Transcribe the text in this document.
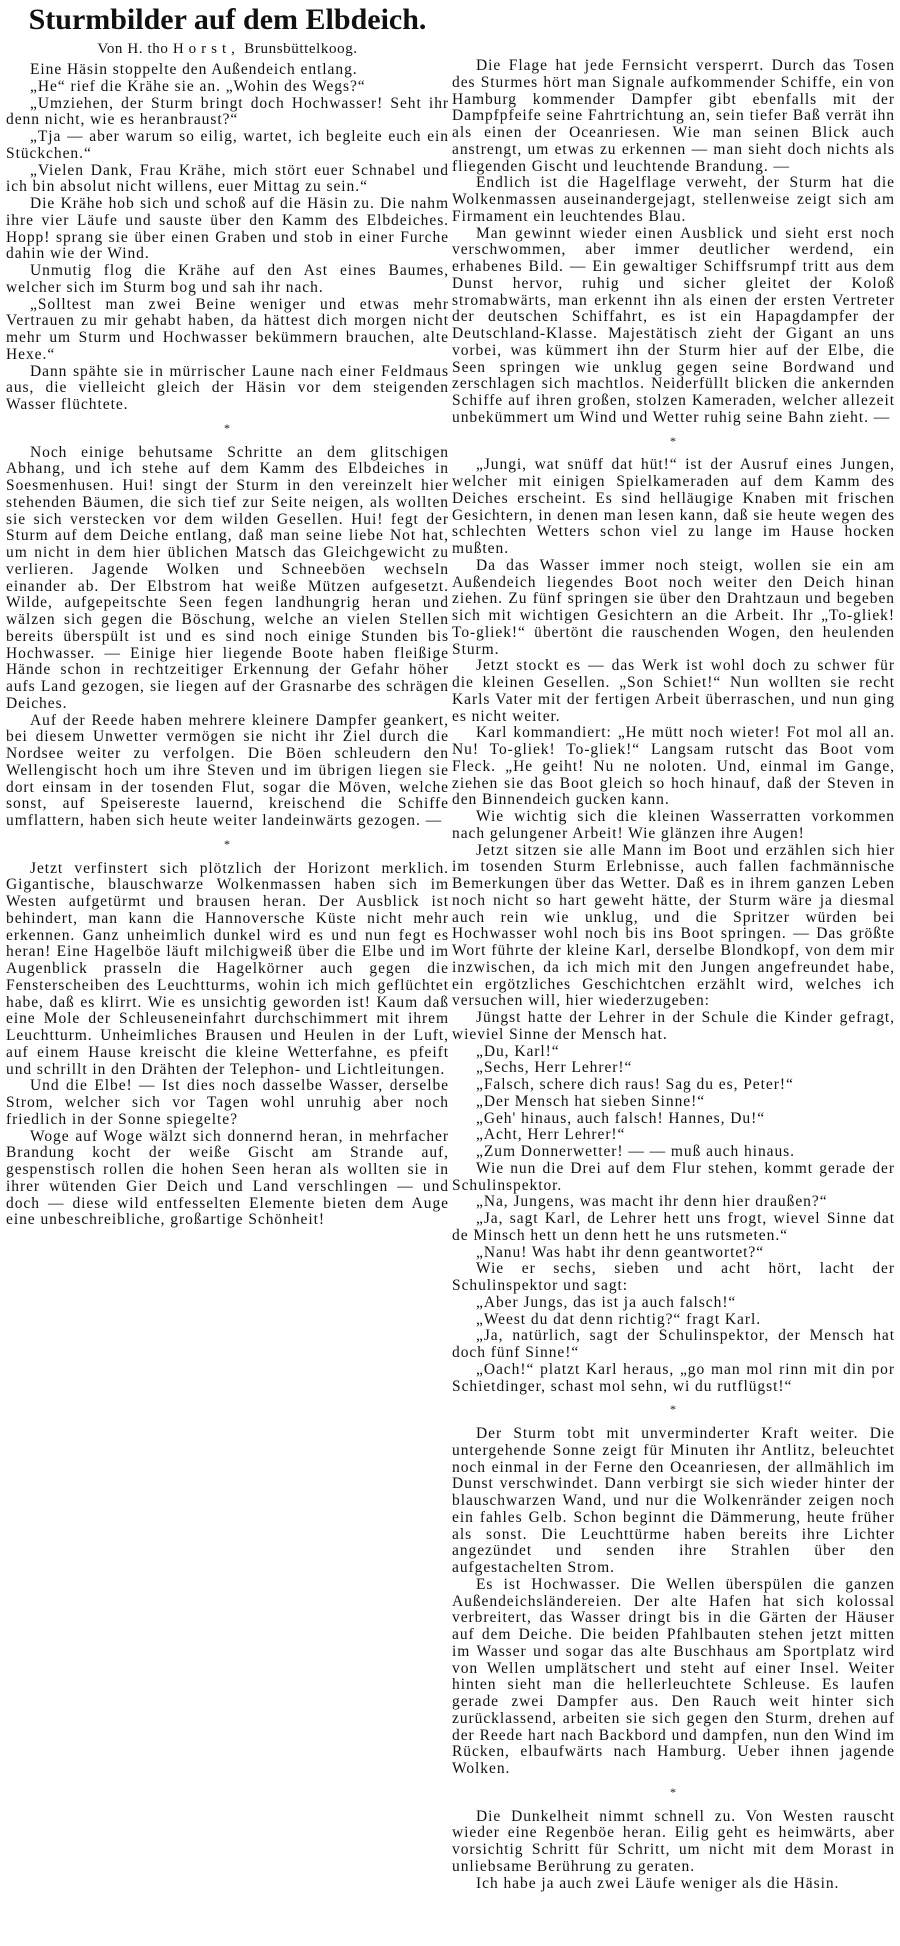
Sturmbilder auf dem Elbdeich.
Von H. tho Horst, Brunsbüttelkoog.

Eine Häsin stoppelte den Außendeich entlang.

„He“ rief die Krähe sie an. „Wohin des Wegs?“

„Umziehen, der Sturm bringt doch Hochwasser! Seht ihr denn nicht, wie es heranbraust?“

„Tja — aber warum so eilig, wartet, ich begleite euch ein Stückchen.“

„Vielen Dank, Frau Krähe, mich stört euer Schnabel und ich bin absolut nicht willens, euer Mittag zu sein.“

Die Krähe hob sich und schoß auf die Häsin zu. Die nahm ihre vier Läufe und sauste über den Kamm des Elbdeiches. Hopp! sprang sie über einen Graben und stob in einer Furche dahin wie der Wind.

Unmutig flog die Krähe auf den Ast eines Baumes, welcher sich im Sturm bog und sah ihr nach.

„Solltest man zwei Beine weniger und etwas mehr Vertrauen zu mir gehabt haben, da hättest dich morgen nicht mehr um Sturm und Hochwasser bekümmern brauchen, alte Hexe.“

Dann spähte sie in mürrischer Laune nach einer Feldmaus aus, die vielleicht gleich der Häsin vor dem steigenden Wasser flüchtete.

*

Noch einige behutsame Schritte an dem glitschigen Abhang, und ich stehe auf dem Kamm des Elbdeiches in Soesmenhusen. Hui! singt der Sturm in den vereinzelt hier stehenden Bäumen, die sich tief zur Seite neigen, als wollten sie sich verstecken vor dem wilden Gesellen. Hui! fegt der Sturm auf dem Deiche entlang, daß man seine liebe Not hat, um nicht in dem hier üblichen Matsch das Gleichgewicht zu verlieren. Jagende Wolken und Schneeböen wechseln einander ab. Der Elbstrom hat weiße Mützen aufgesetzt. Wilde, aufgepeitschte Seen fegen landhungrig heran und wälzen sich gegen die Böschung, welche an vielen Stellen bereits überspült ist und es sind noch einige Stunden bis Hochwasser. — Einige hier liegende Boote haben fleißige Hände schon in rechtzeitiger Erkennung der Gefahr höher aufs Land gezogen, sie liegen auf der Grasnarbe des schrägen Deiches.

Auf der Reede haben mehrere kleinere Dampfer geankert, bei diesem Unwetter vermögen sie nicht ihr Ziel durch die Nordsee weiter zu verfolgen. Die Böen schleudern den Wellengischt hoch um ihre Steven und im übrigen liegen sie dort einsam in der tosenden Flut, sogar die Möven, welche sonst, auf Speisereste lauernd, kreischend die Schiffe umflattern, haben sich heute weiter landeinwärts gezogen. —

*

Jetzt verfinstert sich plötzlich der Horizont merklich. Gigantische, blauschwarze Wolkenmassen haben sich im Westen aufgetürmt und brausen heran. Der Ausblick ist behindert, man kann die Hannoversche Küste nicht mehr erkennen. Ganz unheimlich dunkel wird es und nun fegt es heran! Eine Hagelböe läuft milchigweiß über die Elbe und im Augenblick prasseln die Hagelkörner auch gegen die Fensterscheiben des Leuchtturms, wohin ich mich geflüchtet habe, daß es klirrt. Wie es unsichtig geworden ist! Kaum daß eine Mole der Schleuseneinfahrt durchschimmert mit ihrem Leuchtturm. Unheimliches Brausen und Heulen in der Luft, auf einem Hause kreischt die kleine Wetterfahne, es pfeift und schrillt in den Drähten der Telephon- und Lichtleitungen.

Und die Elbe! — Ist dies noch dasselbe Wasser, derselbe Strom, welcher sich vor Tagen wohl unruhig aber noch friedlich in der Sonne spiegelte?

Woge auf Woge wälzt sich donnernd heran, in mehrfacher Brandung kocht der weiße Gischt am Strande auf, gespenstisch rollen die hohen Seen heran als wollten sie in ihrer wütenden Gier Deich und Land verschlingen — und doch — diese wild entfesselten Elemente bieten dem Auge eine unbeschreibliche, großartige Schönheit!

Die Flage hat jede Fernsicht versperrt. Durch das Tosen des Sturmes hört man Signale aufkommender Schiffe, ein von Hamburg kommender Dampfer gibt ebenfalls mit der Dampfpfeife seine Fahrtrichtung an, sein tiefer Baß verrät ihn als einen der Oceanriesen. Wie man seinen Blick auch anstrengt, um etwas zu erkennen — man sieht doch nichts als fliegenden Gischt und leuchtende Brandung. —

Endlich ist die Hagelflage verweht, der Sturm hat die Wolkenmassen auseinandergejagt, stellenweise zeigt sich am Firmament ein leuchtendes Blau.

Man gewinnt wieder einen Ausblick und sieht erst noch verschwommen, aber immer deutlicher werdend, ein erhabenes Bild. — Ein gewaltiger Schiffsrumpf tritt aus dem Dunst hervor, ruhig und sicher gleitet der Koloß stromabwärts, man erkennt ihn als einen der ersten Vertreter der deutschen Schiffahrt, es ist ein Hapagdampfer der Deutschland-Klasse. Majestätisch zieht der Gigant an uns vorbei, was kümmert ihn der Sturm hier auf der Elbe, die Seen springen wie unklug gegen seine Bordwand und zerschlagen sich machtlos. Neiderfüllt blicken die ankernden Schiffe auf ihren großen, stolzen Kameraden, welcher allezeit unbekümmert um Wind und Wetter ruhig seine Bahn zieht. —

*

„Jungi, wat snüff dat hüt!“ ist der Ausruf eines Jungen, welcher mit einigen Spielkameraden auf dem Kamm des Deiches erscheint. Es sind helläugige Knaben mit frischen Gesichtern, in denen man lesen kann, daß sie heute wegen des schlechten Wetters schon viel zu lange im Hause hocken mußten.

Da das Wasser immer noch steigt, wollen sie ein am Außendeich liegendes Boot noch weiter den Deich hinan ziehen. Zu fünf springen sie über den Drahtzaun und begeben sich mit wichtigen Gesichtern an die Arbeit. Ihr „To-gliek! To-gliek!“ übertönt die rauschenden Wogen, den heulenden Sturm.

Jetzt stockt es — das Werk ist wohl doch zu schwer für die kleinen Gesellen. „Son Schiet!“ Nun wollten sie recht Karls Vater mit der fertigen Arbeit überraschen, und nun ging es nicht weiter.

Karl kommandiert: „He mütt noch wieter! Fot mol all an. Nu! To-gliek! To-gliek!“ Langsam rutscht das Boot vom Fleck. „He geiht! Nu ne noloten. Und, einmal im Gange, ziehen sie das Boot gleich so hoch hinauf, daß der Steven in den Binnendeich gucken kann.

Wie wichtig sich die kleinen Wasserratten vorkommen nach gelungener Arbeit! Wie glänzen ihre Augen!

Jetzt sitzen sie alle Mann im Boot und erzählen sich hier im tosenden Sturm Erlebnisse, auch fallen fachmännische Bemerkungen über das Wetter. Daß es in ihrem ganzen Leben noch nicht so hart geweht hätte, der Sturm wäre ja diesmal auch rein wie unklug, und die Spritzer würden bei Hochwasser wohl noch bis ins Boot springen. — Das größte Wort führte der kleine Karl, derselbe Blondkopf, von dem mir inzwischen, da ich mich mit den Jungen angefreundet habe, ein ergötzliches Geschichtchen erzählt wird, welches ich versuchen will, hier wiederzugeben:

Jüngst hatte der Lehrer in der Schule die Kinder gefragt, wieviel Sinne der Mensch hat.

„Du, Karl!“

„Sechs, Herr Lehrer!“

„Falsch, schere dich raus! Sag du es, Peter!“

„Der Mensch hat sieben Sinne!“

„Geh' hinaus, auch falsch! Hannes, Du!“

„Acht, Herr Lehrer!“

„Zum Donnerwetter! — — muß auch hinaus.

Wie nun die Drei auf dem Flur stehen, kommt gerade der Schulinspektor.

„Na, Jungens, was macht ihr denn hier draußen?“

„Ja, sagt Karl, de Lehrer hett uns frogt, wievel Sinne dat de Minsch hett un denn hett he uns rutsmeten.“

„Nanu! Was habt ihr denn geantwortet?“

Wie er sechs, sieben und acht hört, lacht der Schulinspektor und sagt:

„Aber Jungs, das ist ja auch falsch!“

„Weest du dat denn richtig?“ fragt Karl.

„Ja, natürlich, sagt der Schulinspektor, der Mensch hat doch fünf Sinne!“

„Oach!“ platzt Karl heraus, „go man mol rinn mit din por Schietdinger, schast mol sehn, wi du rutflügst!“

*

Der Sturm tobt mit unverminderter Kraft weiter. Die untergehende Sonne zeigt für Minuten ihr Antlitz, beleuchtet noch einmal in der Ferne den Oceanriesen, der allmählich im Dunst verschwindet. Dann verbirgt sie sich wieder hinter der blauschwarzen Wand, und nur die Wolkenränder zeigen noch ein fahles Gelb. Schon beginnt die Dämmerung, heute früher als sonst. Die Leuchttürme haben bereits ihre Lichter angezündet und senden ihre Strahlen über den aufgestachelten Strom.

Es ist Hochwasser. Die Wellen überspülen die ganzen Außendeichsländereien. Der alte Hafen hat sich kolossal verbreitert, das Wasser dringt bis in die Gärten der Häuser auf dem Deiche. Die beiden Pfahlbauten stehen jetzt mitten im Wasser und sogar das alte Buschhaus am Sportplatz wird von Wellen umplätschert und steht auf einer Insel. Weiter hinten sieht man die hellerleuchtete Schleuse. Es laufen gerade zwei Dampfer aus. Den Rauch weit hinter sich zurücklassend, arbeiten sie sich gegen den Sturm, drehen auf der Reede hart nach Backbord und dampfen, nun den Wind im Rücken, elbaufwärts nach Hamburg. Ueber ihnen jagende Wolken.

*

Die Dunkelheit nimmt schnell zu. Von Westen rauscht wieder eine Regenböe heran. Eilig geht es heimwärts, aber vorsichtig Schritt für Schritt, um nicht mit dem Morast in unliebsame Berührung zu geraten.

Ich habe ja auch zwei Läufe weniger als die Häsin.
